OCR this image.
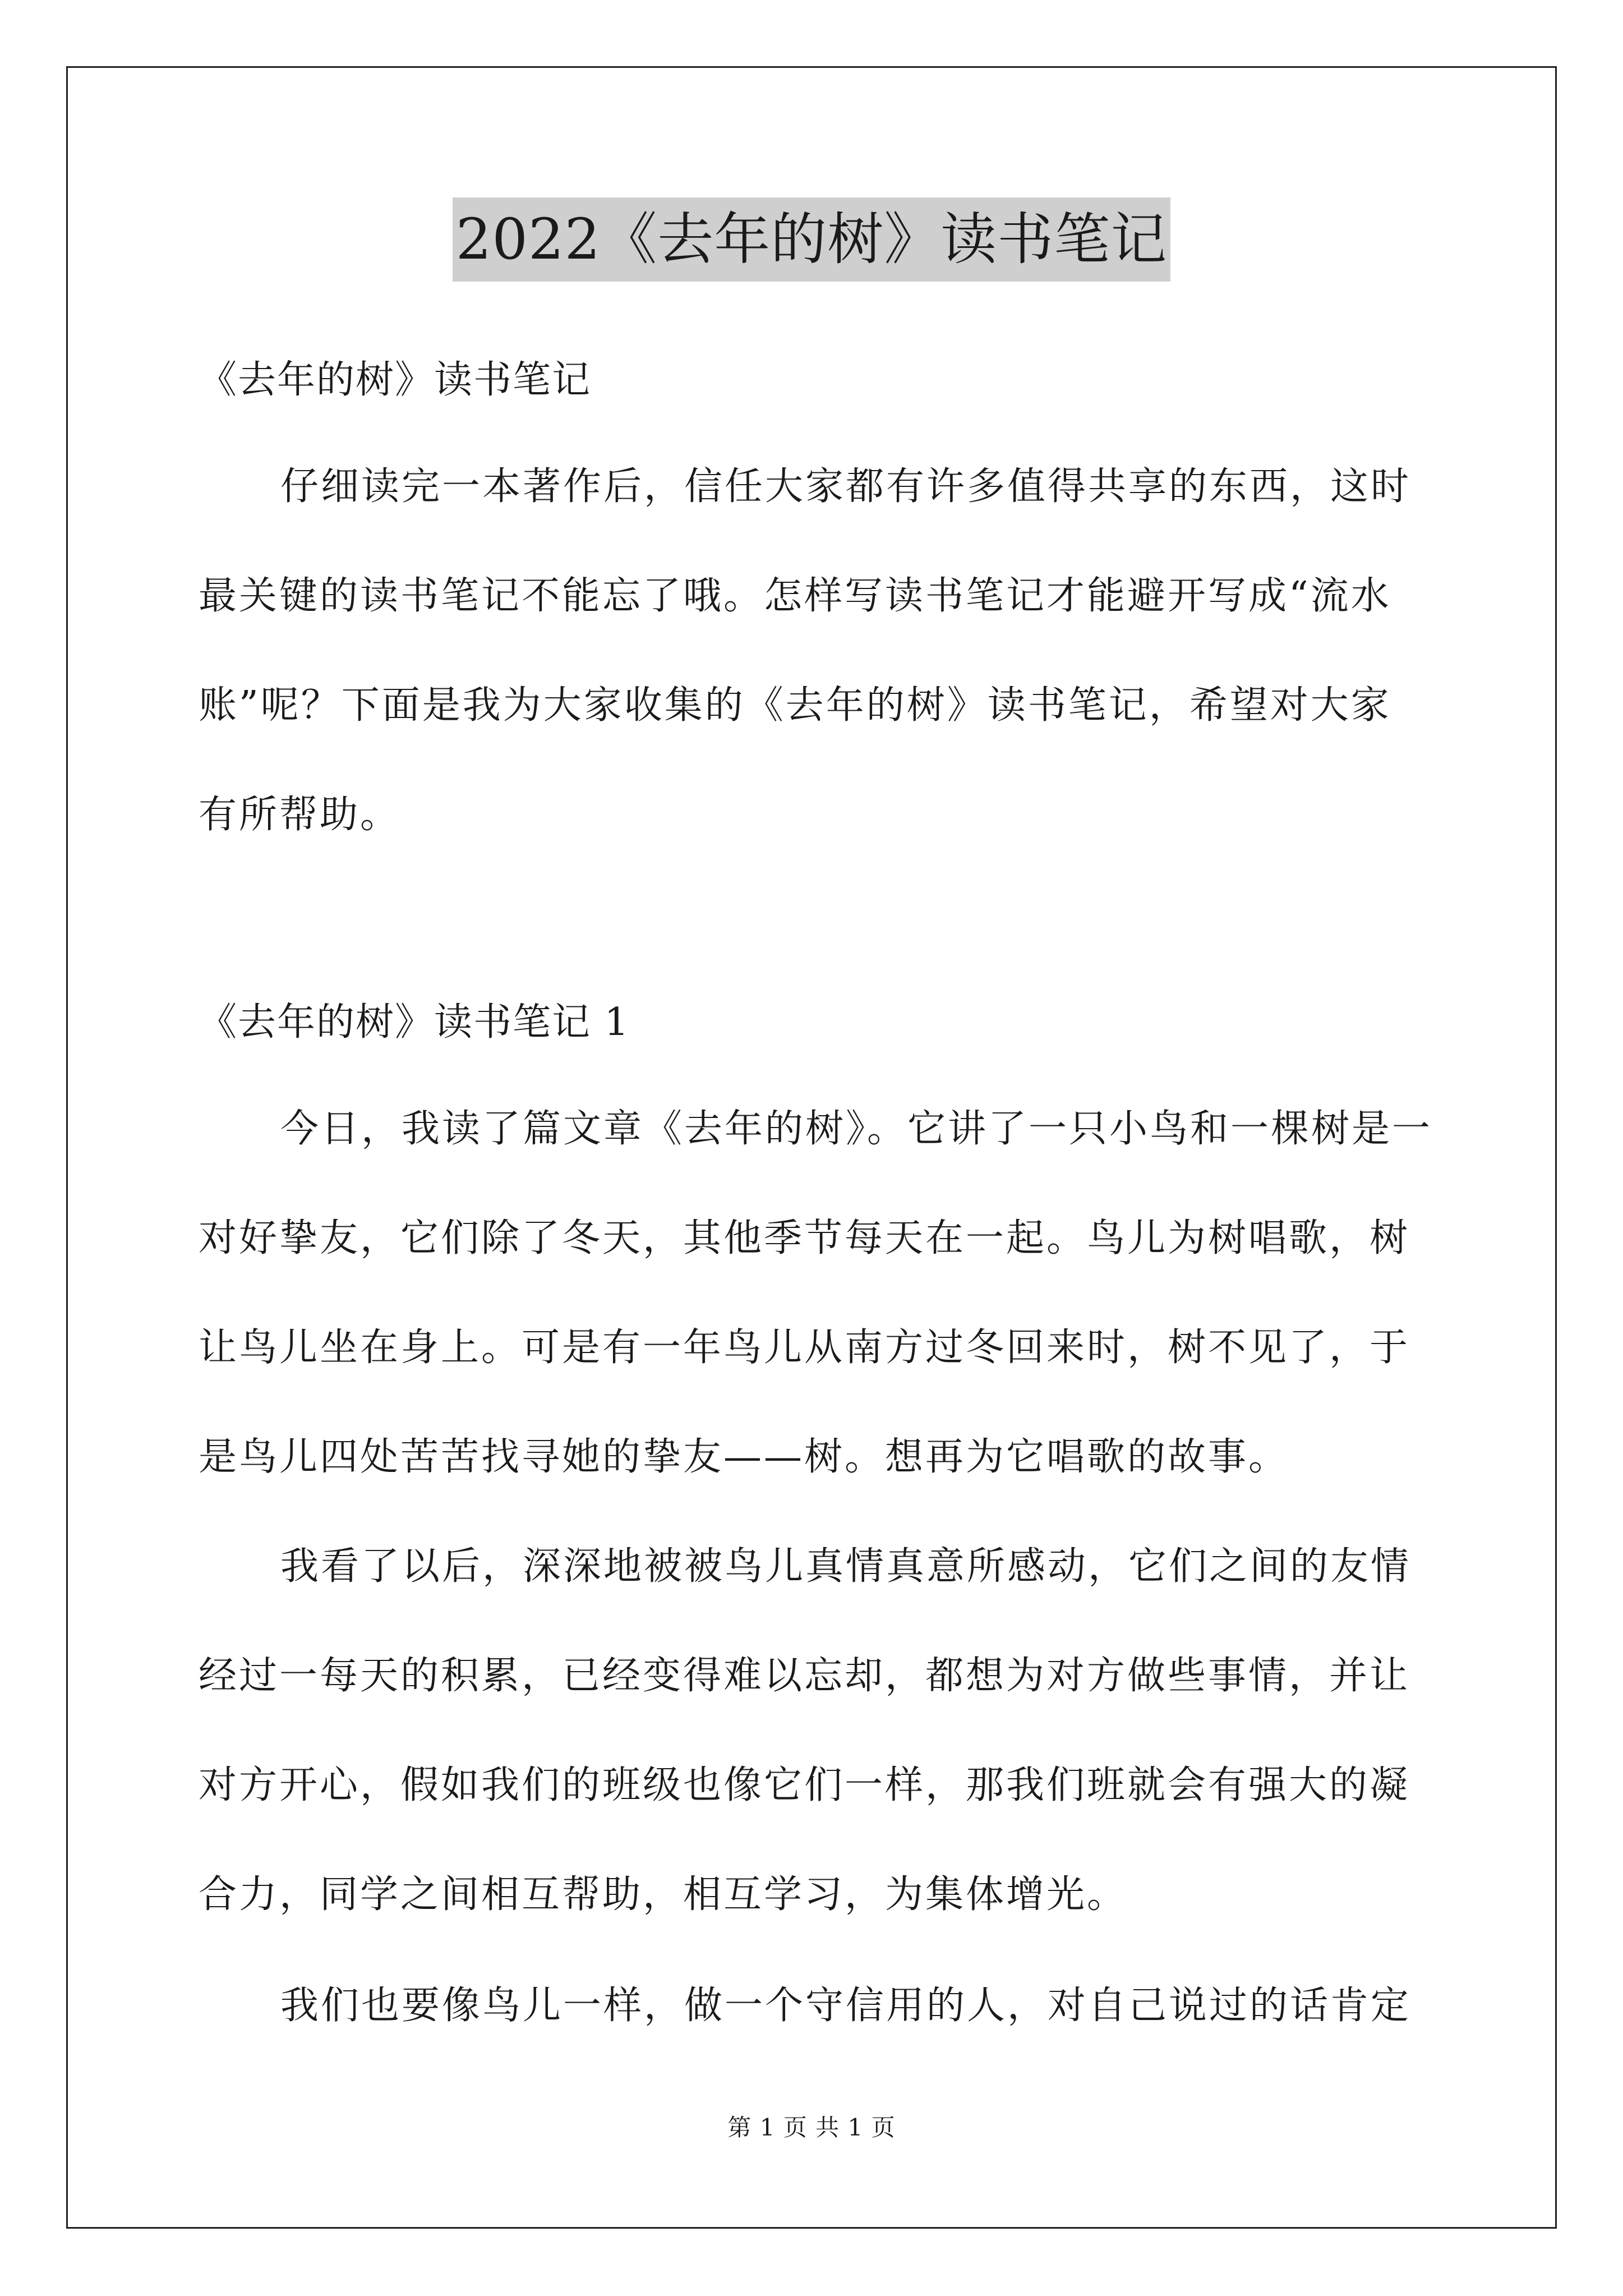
2022《去年的树》读书笔记

《去年的树》读书笔记

仔细读完一本著作后，信任大家都有许多值得共享的东西，这时

最关键的读书笔记不能忘了哦。怎样写读书笔记才能避开写成“流水

账”呢？下面是我为大家收集的《去年的树》读书笔记，希望对大家

有所帮助。

《去年的树》读书笔记 1

今日，我读了篇文章《去年的树》。它讲了一只小鸟和一棵树是一

对好挚友，它们除了冬天，其他季节每天在一起。鸟儿为树唱歌，树

让鸟儿坐在身上。可是有一年鸟儿从南方过冬回来时，树不见了，于

是鸟儿四处苦苦找寻她的挚友——树。想再为它唱歌的故事。

我看了以后，深深地被被鸟儿真情真意所感动，它们之间的友情

经过一每天的积累，已经变得难以忘却，都想为对方做些事情，并让

对方开心，假如我们的班级也像它们一样，那我们班就会有强大的凝

合力，同学之间相互帮助，相互学习，为集体增光。

我们也要像鸟儿一样，做一个守信用的人，对自己说过的话肯定

第 1 页 共 1 页
